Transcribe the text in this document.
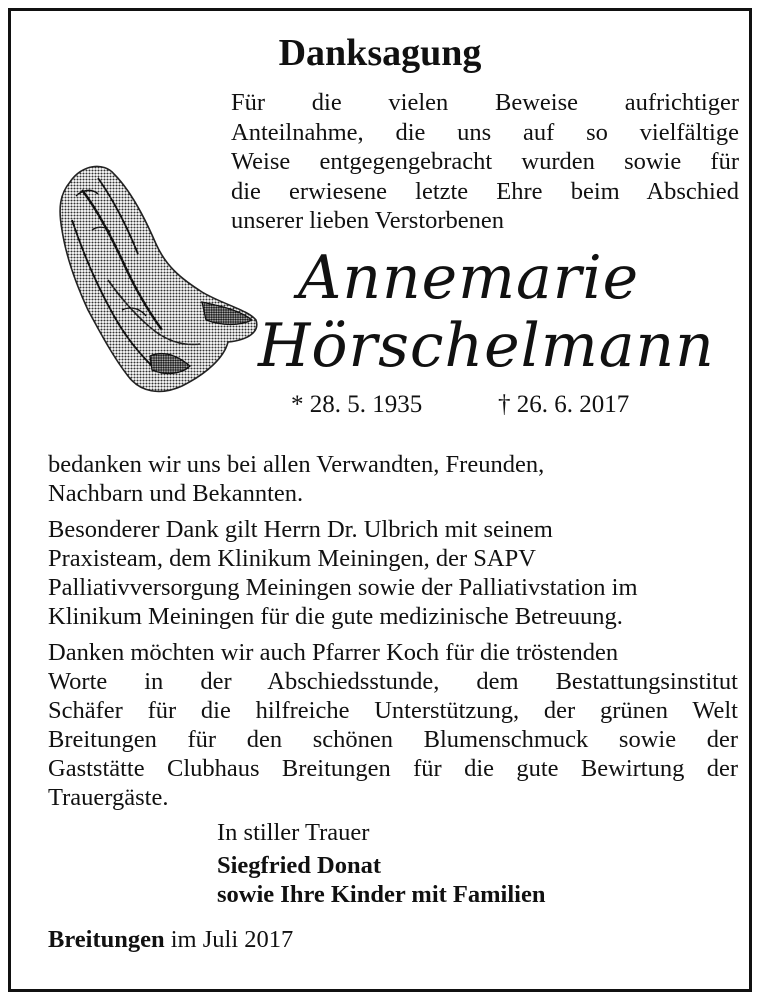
Danksagung
Für die vielen Beweise aufrichtiger
Anteilnahme, die uns auf so vielfältige
Weise entgegengebracht wurden sowie für
die erwiesene letzte Ehre beim Abschied
unserer lieben Verstorbenen
Annemarie
Hörschelmann
* 28. 5. 1935	† 26. 6. 2017
bedanken wir uns bei allen Verwandten, Freunden,
Nachbarn und Bekannten.
Besonderer Dank gilt Herrn Dr. Ulbrich mit seinem
Praxisteam, dem Klinikum Meiningen, der SAPV
Palliativversorgung Meiningen sowie der Palliativstation im
Klinikum Meiningen für die gute medizinische Betreuung.
Danken möchten wir auch Pfarrer Koch für die tröstenden
Worte in der Abschiedsstunde, dem Bestattungsinstitut
Schäfer für die hilfreiche Unterstützung, der grünen Welt
Breitungen für den schönen Blumenschmuck sowie der
Gaststätte Clubhaus Breitungen für die gute Bewirtung der
Trauergäste.
In stiller Trauer
Siegfried Donat
sowie Ihre Kinder mit Familien
Breitungen im Juli 2017
